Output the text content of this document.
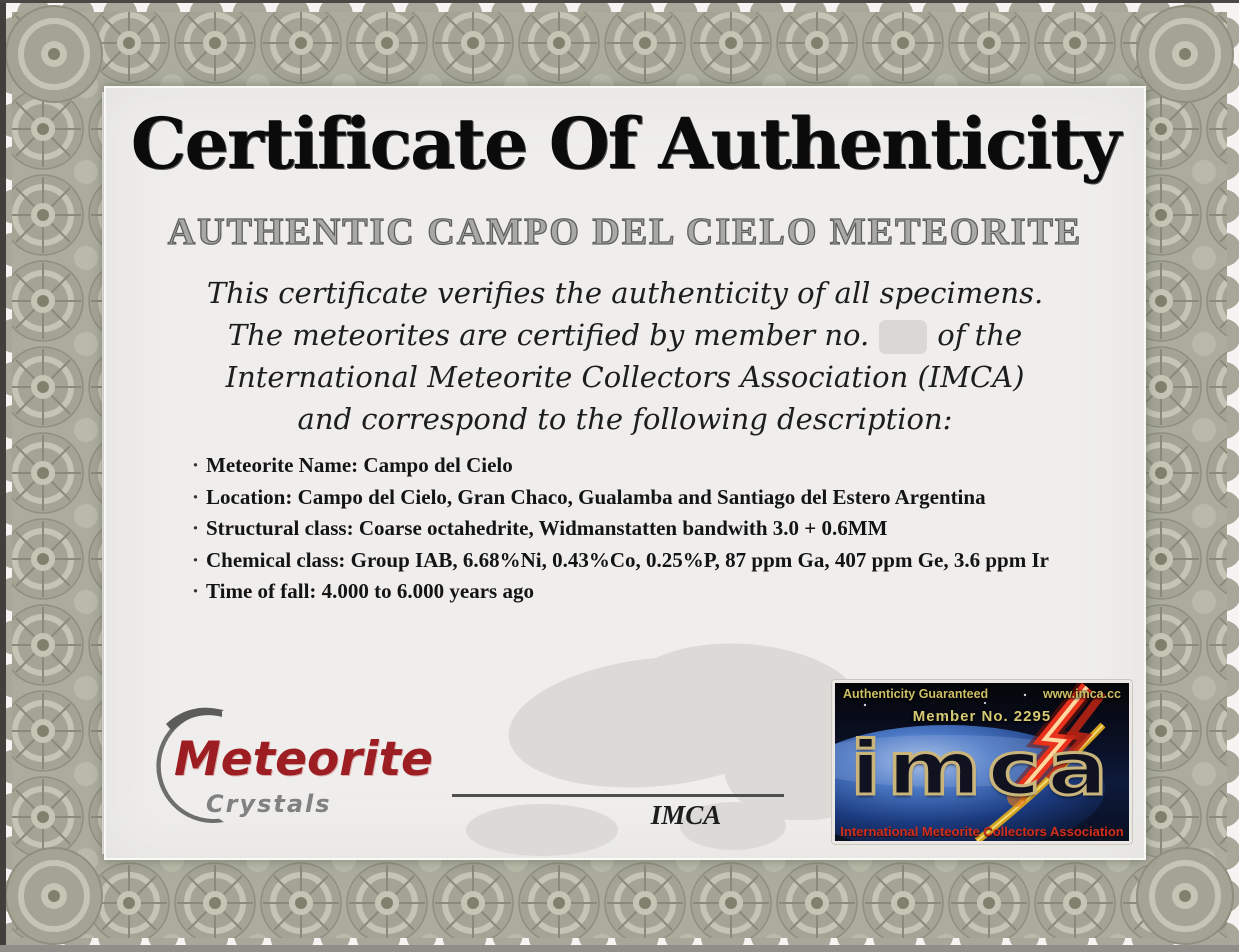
Certificate Of Authenticity
AUTHENTIC CAMPO DEL CIELO METEORITE
This certificate verifies the authenticity of all specimens.
The meteorites are certified by member no. of the
International Meteorite Collectors Association (IMCA)
and correspond to the following description:
· Meteorite Name: Campo del Cielo
· Location: Campo del Cielo, Gran Chaco, Gualamba and Santiago del Estero Argentina
· Structural class: Coarse octahedrite, Widmanstatten bandwith 3.0 + 0.6MM
· Chemical class: Group IAB, 6.68%Ni, 0.43%Co, 0.25%P, 87 ppm Ga, 407 ppm Ge, 3.6 ppm Ir
· Time of fall: 4.000 to 6.000 years ago
Meteorite
Crystals	IMCA
Authenticity Guaranteed	www.imca.cc
Member No. 2295
imca
International Meteorite Collectors Association
